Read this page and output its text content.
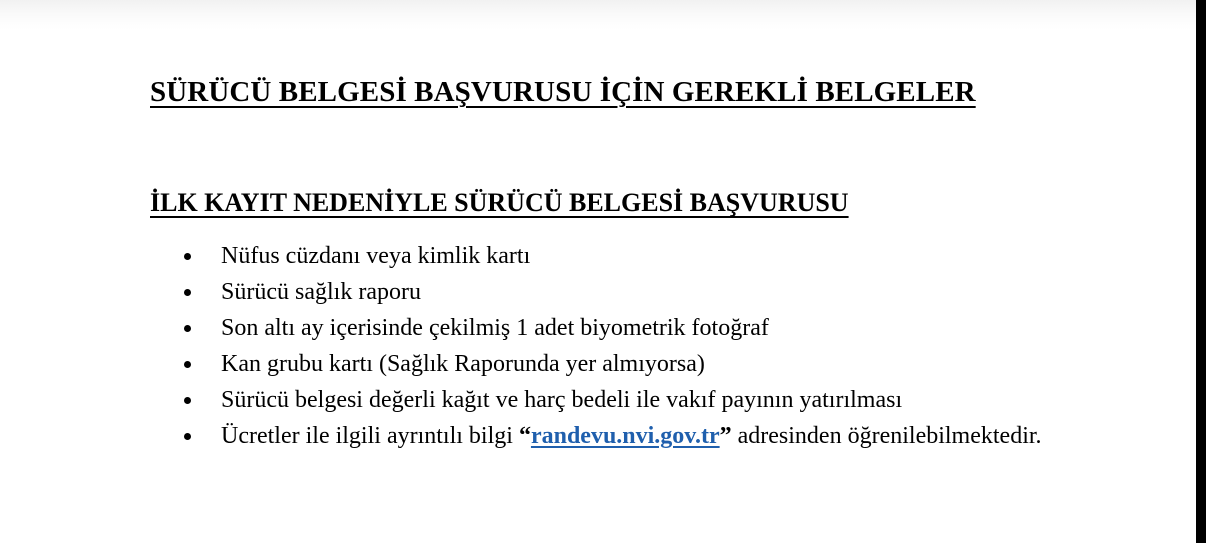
SÜRÜCÜ BELGESİ BAŞVURUSU İÇİN GEREKLİ BELGELER
İLK KAYIT NEDENİYLE SÜRÜCÜ BELGESİ BAŞVURUSU
Nüfus cüzdanı veya kimlik kartı
Sürücü sağlık raporu
Son altı ay içerisinde çekilmiş 1 adet biyometrik fotoğraf
Kan grubu kartı (Sağlık Raporunda yer almıyorsa)
Sürücü belgesi değerli kağıt ve harç bedeli ile vakıf payının yatırılması
Ücretler ile ilgili ayrıntılı bilgi “randevu.nvi.gov.tr” adresinden öğrenilebilmektedir.
